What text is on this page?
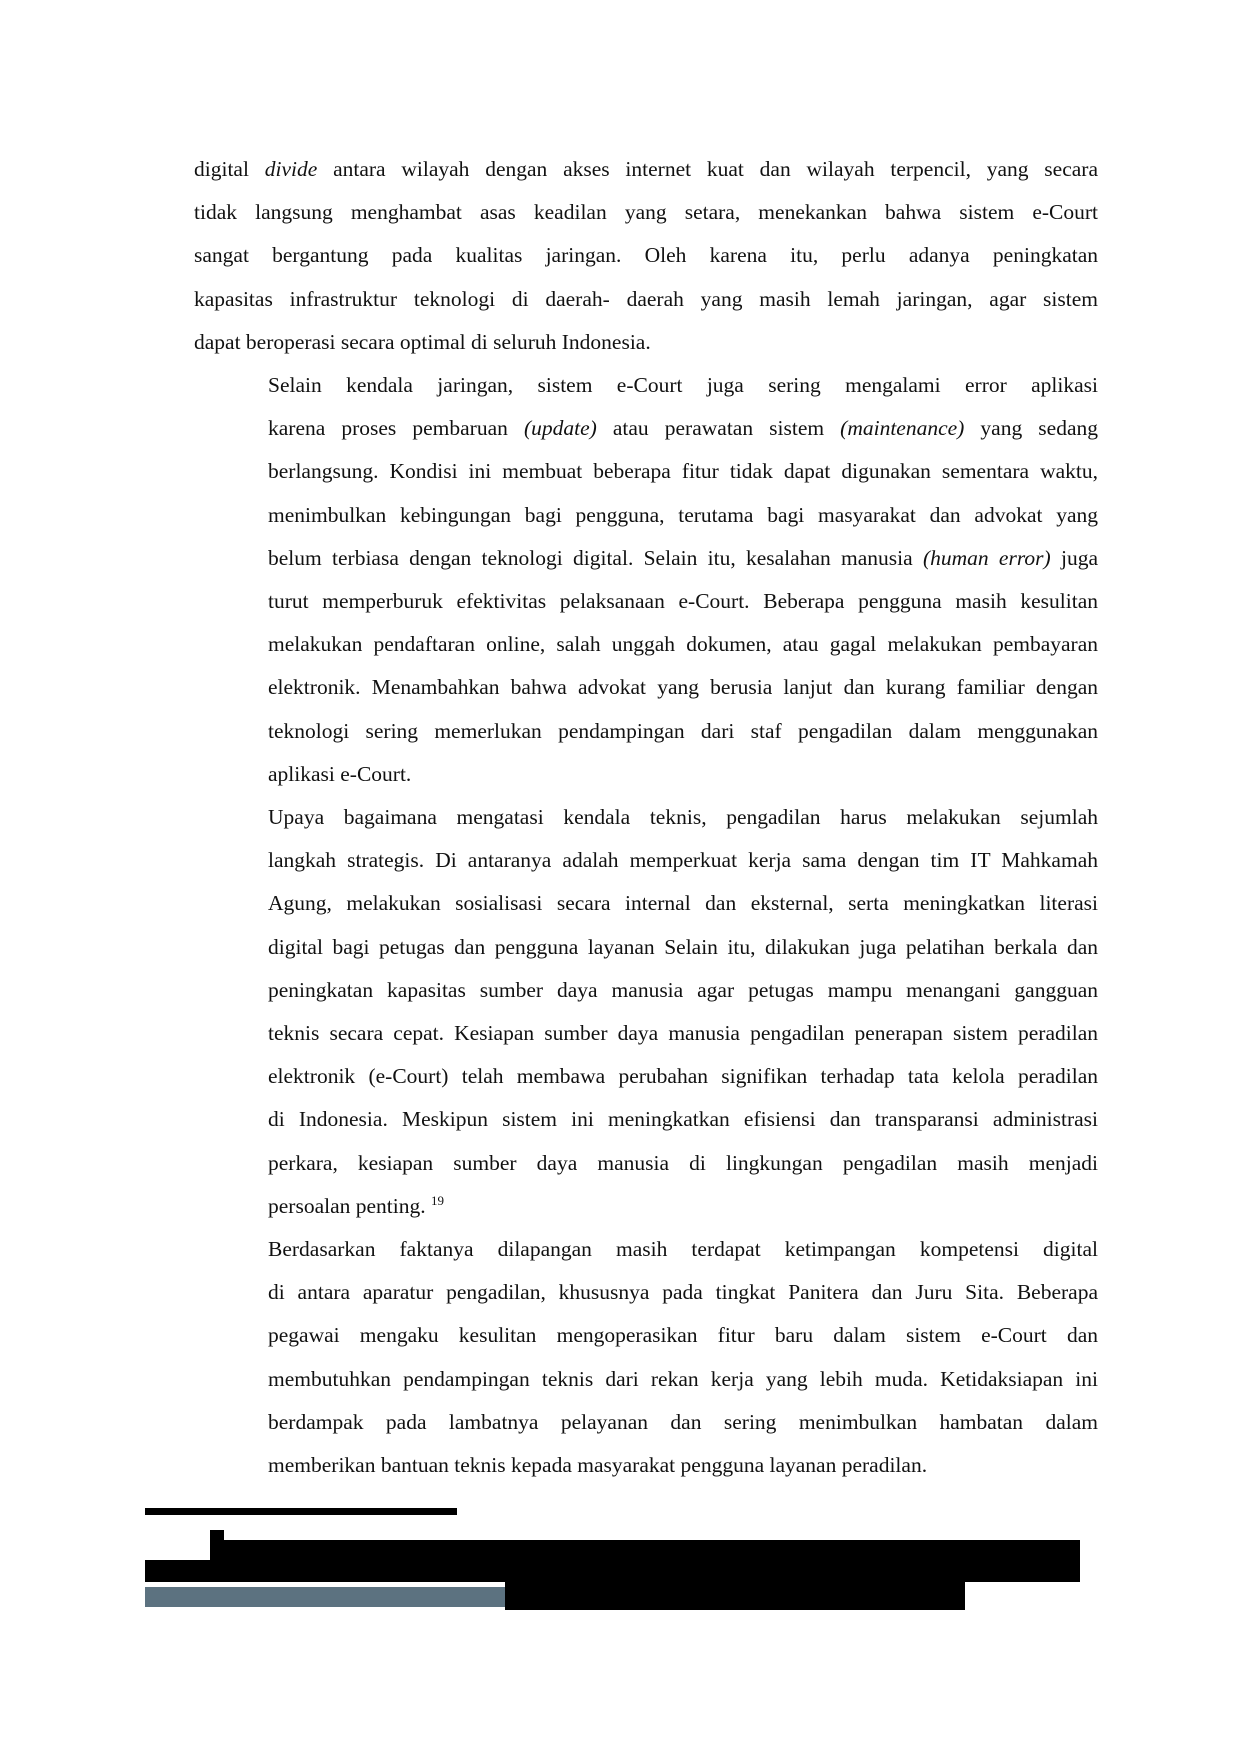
digital divide antara wilayah dengan akses internet kuat dan wilayah terpencil, yang secara
tidak langsung menghambat asas keadilan yang setara, menekankan bahwa sistem e-Court
sangat bergantung pada kualitas jaringan. Oleh karena itu, perlu adanya peningkatan
kapasitas infrastruktur teknologi di daerah- daerah yang masih lemah jaringan, agar sistem
dapat beroperasi secara optimal di seluruh Indonesia.

Selain kendala jaringan, sistem e-Court juga sering mengalami error aplikasi
karena proses pembaruan (update) atau perawatan sistem (maintenance) yang sedang
berlangsung. Kondisi ini membuat beberapa fitur tidak dapat digunakan sementara waktu,
menimbulkan kebingungan bagi pengguna, terutama bagi masyarakat dan advokat yang
belum terbiasa dengan teknologi digital. Selain itu, kesalahan manusia (human error) juga
turut memperburuk efektivitas pelaksanaan e-Court. Beberapa pengguna masih kesulitan
melakukan pendaftaran online, salah unggah dokumen, atau gagal melakukan pembayaran
elektronik. Menambahkan bahwa advokat yang berusia lanjut dan kurang familiar dengan
teknologi sering memerlukan pendampingan dari staf pengadilan dalam menggunakan
aplikasi e-Court.

Upaya bagaimana mengatasi kendala teknis, pengadilan harus melakukan sejumlah
langkah strategis. Di antaranya adalah memperkuat kerja sama dengan tim IT Mahkamah
Agung, melakukan sosialisasi secara internal dan eksternal, serta meningkatkan literasi
digital bagi petugas dan pengguna layanan Selain itu, dilakukan juga pelatihan berkala dan
peningkatan kapasitas sumber daya manusia agar petugas mampu menangani gangguan
teknis secara cepat. Kesiapan sumber daya manusia pengadilan penerapan sistem peradilan
elektronik (e-Court) telah membawa perubahan signifikan terhadap tata kelola peradilan
di Indonesia. Meskipun sistem ini meningkatkan efisiensi dan transparansi administrasi
perkara, kesiapan sumber daya manusia di lingkungan pengadilan masih menjadi
persoalan penting. $^{19}$

Berdasarkan faktanya dilapangan masih terdapat ketimpangan kompetensi digital
di antara aparatur pengadilan, khususnya pada tingkat Panitera dan Juru Sita. Beberapa
pegawai mengaku kesulitan mengoperasikan fitur baru dalam sistem e-Court dan
membutuhkan pendampingan teknis dari rekan kerja yang lebih muda. Ketidaksiapan ini
berdampak pada lambatnya pelayanan dan sering menimbulkan hambatan dalam
memberikan bantuan teknis kepada masyarakat pengguna layanan peradilan.
